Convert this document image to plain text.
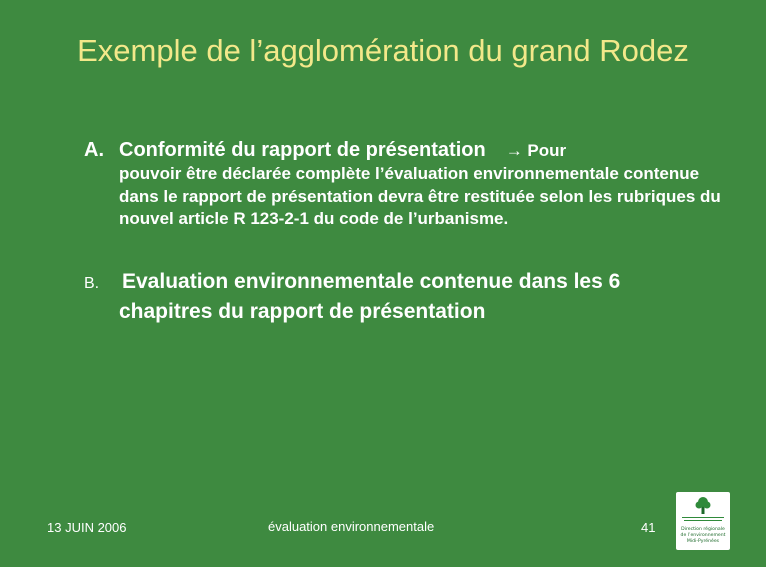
Exemple de l’agglomération du grand Rodez
A. Conformité du rapport de présentation → Pour
pouvoir être déclarée complète l’évaluation environnementale contenue dans le rapport de présentation devra être restituée selon les rubriques du nouvel article R 123-2-1 du code de l’urbanisme.
B. Evaluation environnementale contenue dans les 6
chapitres du rapport de présentation
13 JUIN 2006	évaluation environnementale	41	Direction régionale
de l’environnement
Midi-Pyrénées
